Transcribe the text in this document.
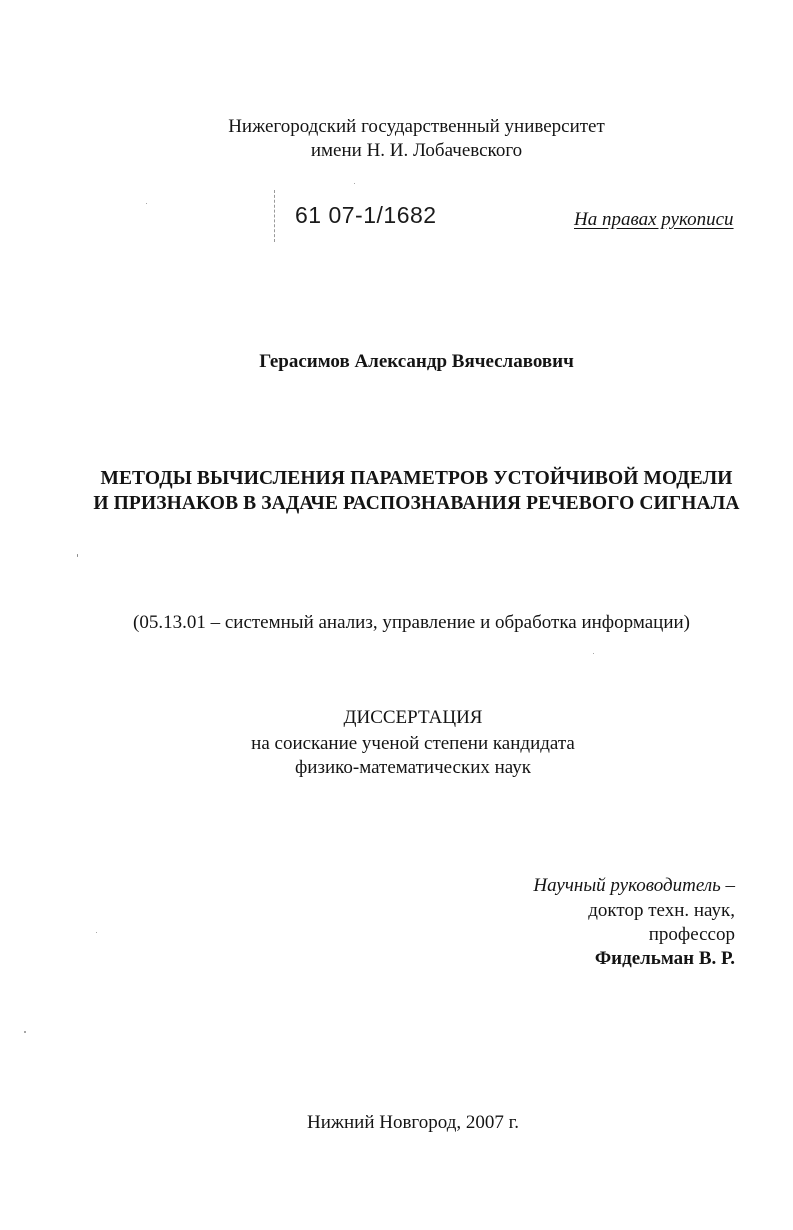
Нижегородский государственный университет
имени Н. И. Лобачевского
61 07-1/1682	На правах рукописи
Герасимов Александр Вячеславович
МЕТОДЫ ВЫЧИСЛЕНИЯ ПАРАМЕТРОВ УСТОЙЧИВОЙ МОДЕЛИ
И ПРИЗНАКОВ В ЗАДАЧЕ РАСПОЗНАВАНИЯ РЕЧЕВОГО СИГНАЛА
(05.13.01 – системный анализ, управление и обработка информации)
ДИССЕРТАЦИЯ
на соискание ученой степени кандидата
физико-математических наук
Научный руководитель –
доктор техн. наук,
профессор
Фидельман В. Р.
Нижний Новгород, 2007 г.
